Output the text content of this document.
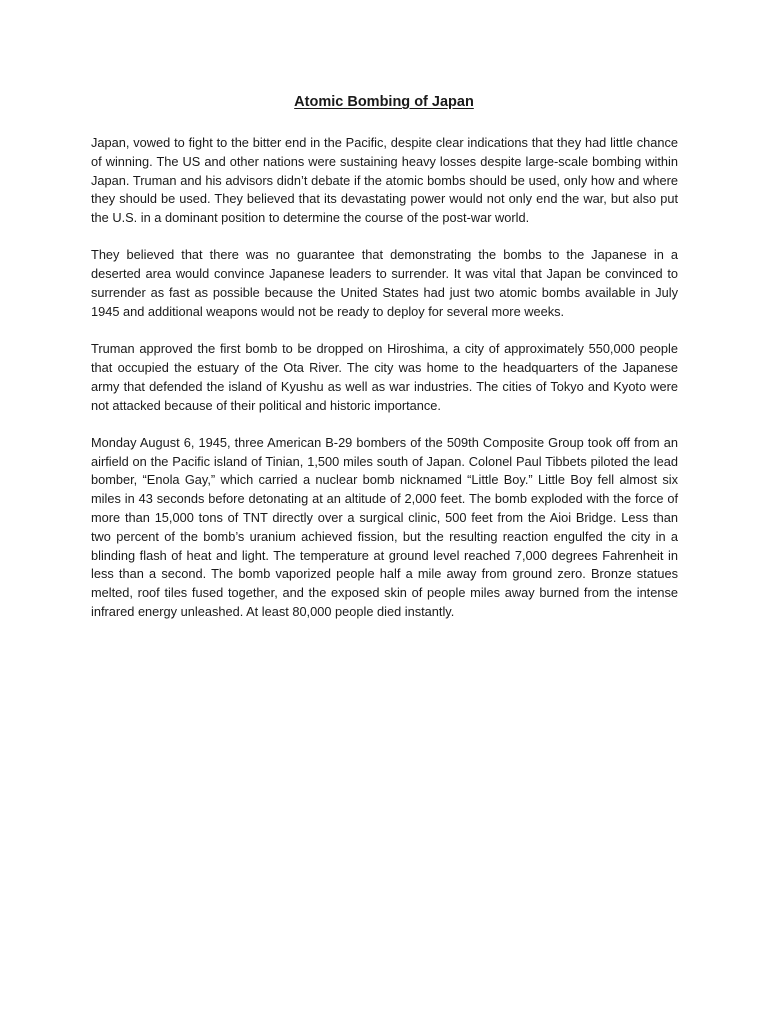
Atomic Bombing of Japan

Japan, vowed to fight to the bitter end in the Pacific, despite clear indications that they had little chance of winning. The US and other nations were sustaining heavy losses despite large-scale bombing within Japan. Truman and his advisors didn’t debate if the atomic bombs should be used, only how and where they should be used. They believed that its devastating power would not only end the war, but also put the U.S. in a dominant position to determine the course of the post-war world.

They believed that there was no guarantee that demonstrating the bombs to the Japanese in a deserted area would convince Japanese leaders to surrender. It was vital that Japan be convinced to surrender as fast as possible because the United States had just two atomic bombs available in July 1945 and additional weapons would not be ready to deploy for several more weeks.

Truman approved the first bomb to be dropped on Hiroshima, a city of approximately 550,000 people that occupied the estuary of the Ota River. The city was home to the headquarters of the Japanese army that defended the island of Kyushu as well as war industries. The cities of Tokyo and Kyoto were not attacked because of their political and historic importance.

Monday August 6, 1945, three American B-29 bombers of the 509th Composite Group took off from an airfield on the Pacific island of Tinian, 1,500 miles south of Japan. Colonel Paul Tibbets piloted the lead bomber, “Enola Gay,” which carried a nuclear bomb nicknamed “Little Boy.” Little Boy fell almost six miles in 43 seconds before detonating at an altitude of 2,000 feet. The bomb exploded with the force of more than 15,000 tons of TNT directly over a surgical clinic, 500 feet from the Aioi Bridge. Less than two percent of the bomb’s uranium achieved fission, but the resulting reaction engulfed the city in a blinding flash of heat and light. The temperature at ground level reached 7,000 degrees Fahrenheit in less than a second. The bomb vaporized people half a mile away from ground zero. Bronze statues melted, roof tiles fused together, and the exposed skin of people miles away burned from the intense infrared energy unleashed. At least 80,000 people died instantly.
